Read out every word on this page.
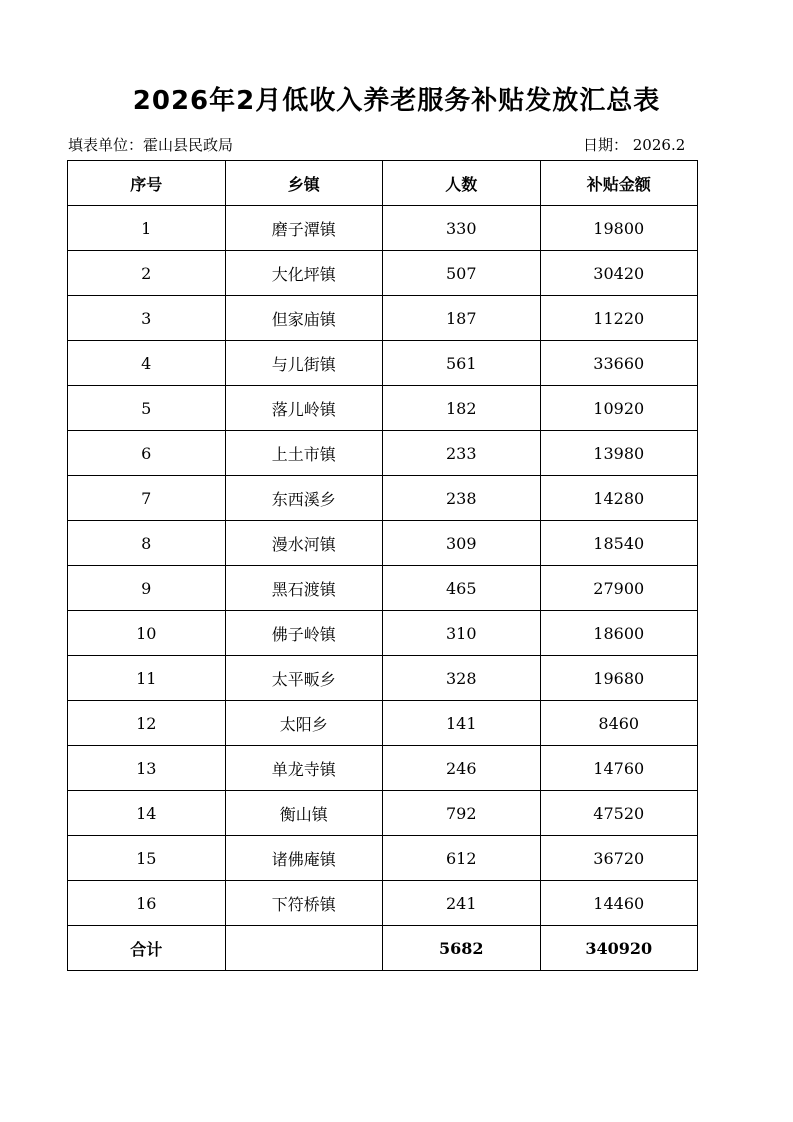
2026年2月低收入养老服务补贴发放汇总表
填表单位：霍山县民政局	日期： 2026.2
序号	乡镇	人数	补贴金额
1	磨子潭镇	330	19800
2	大化坪镇	507	30420
3	但家庙镇	187	11220
4	与儿街镇	561	33660
5	落儿岭镇	182	10920
6	上土市镇	233	13980
7	东西溪乡	238	14280
8	漫水河镇	309	18540
9	黑石渡镇	465	27900
10	佛子岭镇	310	18600
11	太平畈乡	328	19680
12	太阳乡	141	8460
13	单龙寺镇	246	14760
14	衡山镇	792	47520
15	诸佛庵镇	612	36720
16	下符桥镇	241	14460
合计		5682	340920
